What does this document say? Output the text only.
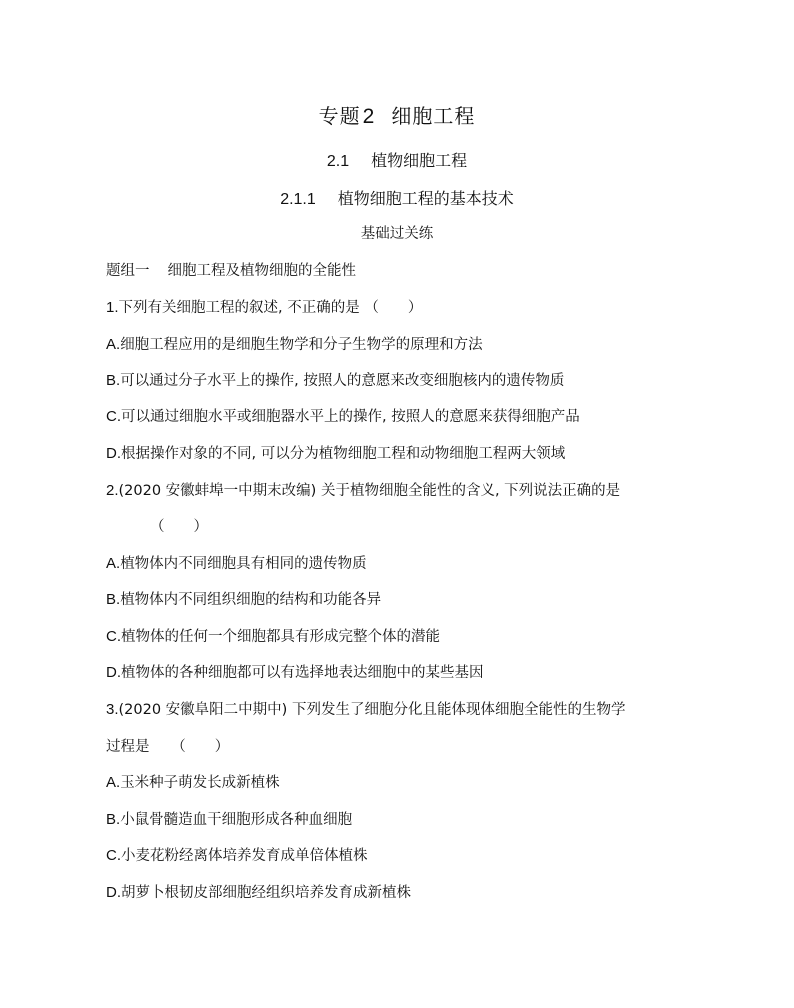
专题2 细胞工程
2.1 植物细胞工程
2.1.1 植物细胞工程的基本技术
基础过关练
题组一 细胞工程及植物细胞的全能性
1.下列有关细胞工程的叙述, 不正确的是 （　　）
A.细胞工程应用的是细胞生物学和分子生物学的原理和方法
B.可以通过分子水平上的操作, 按照人的意愿来改变细胞核内的遗传物质
C.可以通过细胞水平或细胞器水平上的操作, 按照人的意愿来获得细胞产品
D.根据操作对象的不同, 可以分为植物细胞工程和动物细胞工程两大领域
2.(2020 安徽蚌埠一中期末改编) 关于植物细胞全能性的含义, 下列说法正确的是
（　　）
A.植物体内不同细胞具有相同的遗传物质
B.植物体内不同组织细胞的结构和功能各异
C.植物体的任何一个细胞都具有形成完整个体的潜能
D.植物体的各种细胞都可以有选择地表达细胞中的某些基因
3.(2020 安徽阜阳二中期中) 下列发生了细胞分化且能体现体细胞全能性的生物学
过程是　　（　　）
A.玉米种子萌发长成新植株
B.小鼠骨髓造血干细胞形成各种血细胞
C.小麦花粉经离体培养发育成单倍体植株
D.胡萝卜根韧皮部细胞经组织培养发育成新植株
